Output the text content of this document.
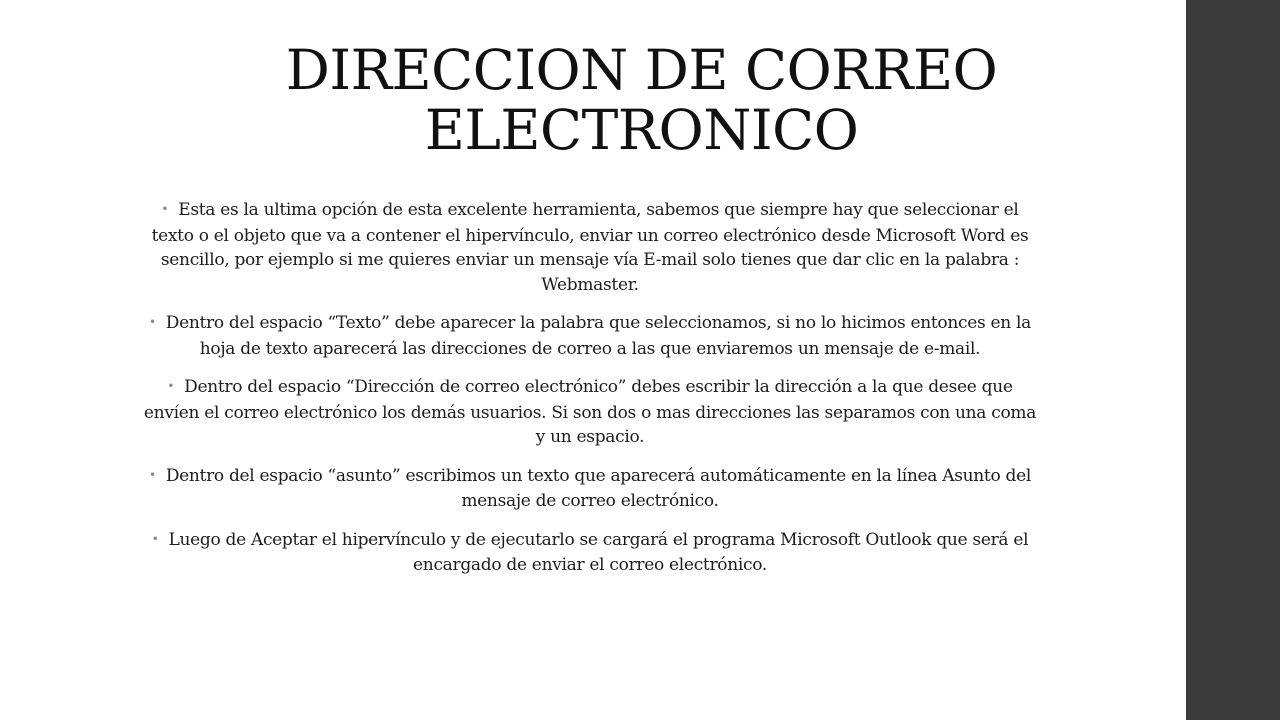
DIRECCION DE CORREO
ELECTRONICO
• Esta es la ultima opción de esta excelente herramienta, sabemos que siempre hay que seleccionar el texto o el objeto que va a contener el hipervínculo, enviar un correo electrónico desde Microsoft Word es sencillo, por ejemplo si me quieres enviar un mensaje vía E-mail solo tienes que dar clic en la palabra : Webmaster.
• Dentro del espacio “Texto” debe aparecer la palabra que seleccionamos, si no lo hicimos entonces en la hoja de texto aparecerá las direcciones de correo a las que enviaremos un mensaje de e-mail.
• Dentro del espacio “Dirección de correo electrónico” debes escribir la dirección a la que desee que envíen el correo electrónico los demás usuarios. Si son dos o mas direcciones las separamos con una coma y un espacio.
• Dentro del espacio “asunto” escribimos un texto que aparecerá automáticamente en la línea Asunto del mensaje de correo electrónico.
• Luego de Aceptar el hipervínculo y de ejecutarlo se cargará el programa Microsoft Outlook que será el encargado de enviar el correo electrónico.
